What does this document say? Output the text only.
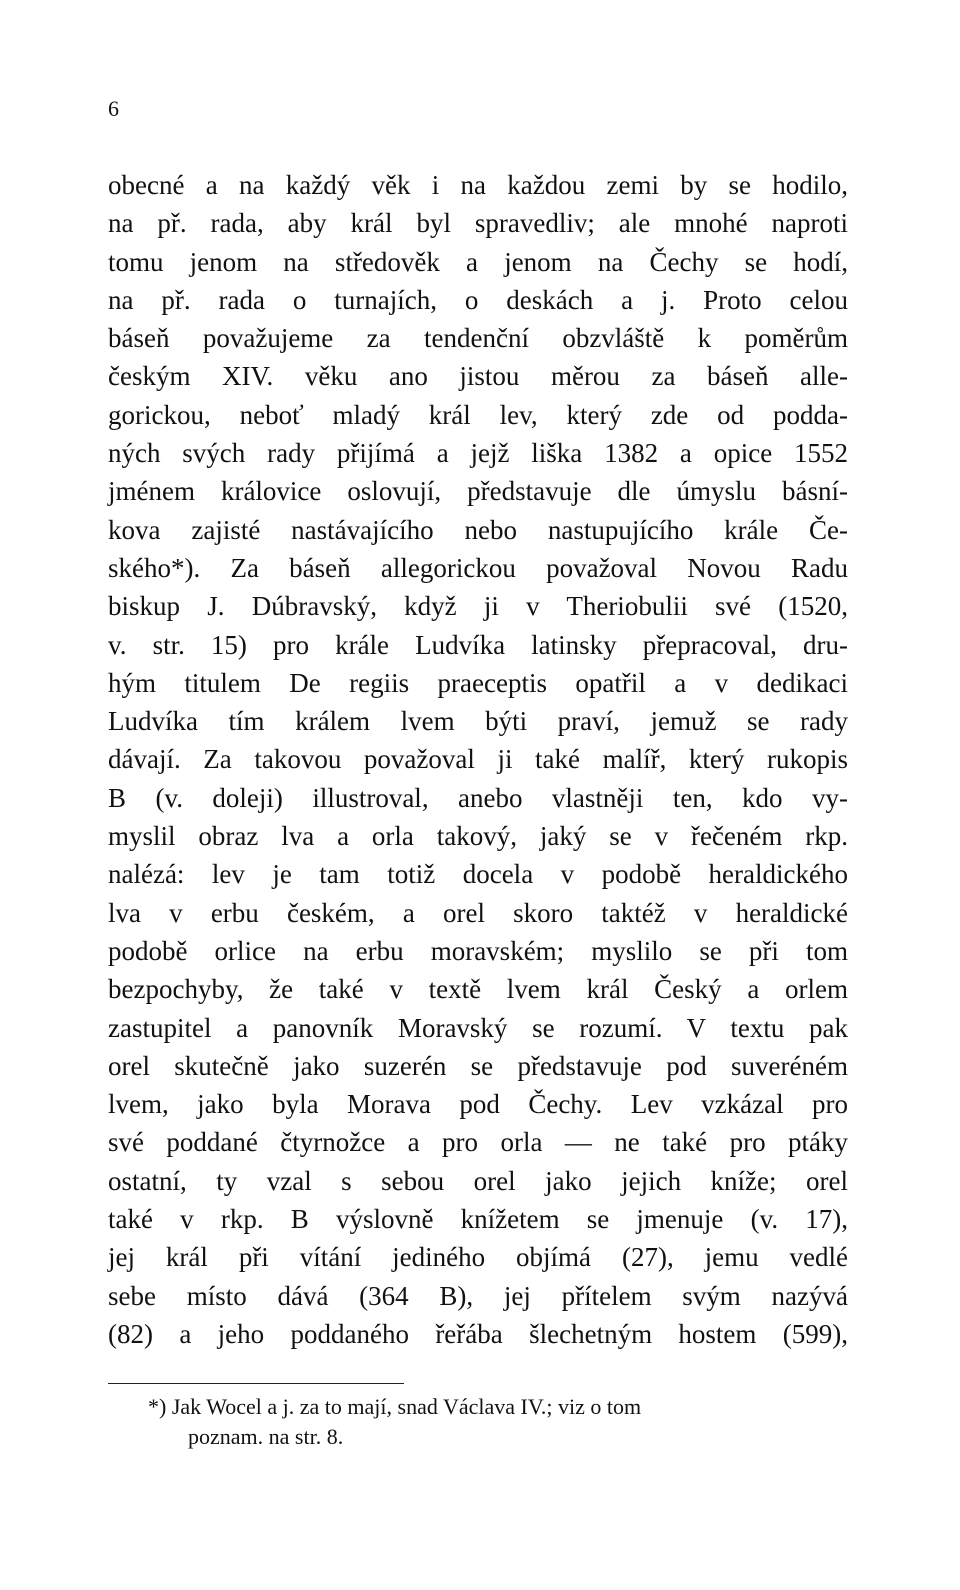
6
obecné a na každý věk i na každou zemi by se hodilo,
na př. rada, aby král byl spravedliv; ale mnohé naproti
tomu jenom na středověk a jenom na Čechy se hodí,
na př. rada o turnajích, o deskách a j. Proto celou
báseň považujeme za tendenční obzvláště k poměrům
českým XIV. věku ano jistou měrou za báseň alle-
gorickou, neboť mladý král lev, který zde od podda-
ných svých rady přijímá a jejž liška 1382 a opice 1552
jménem královice oslovují, představuje dle úmyslu básní-
kova zajisté nastávajícího nebo nastupujícího krále Če-
ského*). Za báseň allegorickou považoval Novou Radu
biskup J. Dúbravský, když ji v Theriobulii své (1520,
v. str. 15) pro krále Ludvíka latinsky přepracoval, dru-
hým titulem De regiis praeceptis opatřil a v dedikaci
Ludvíka tím králem lvem býti praví, jemuž se rady
dávají. Za takovou považoval ji také malíř, který rukopis
B (v. doleji) illustroval, anebo vlastněji ten, kdo vy-
myslil obraz lva a orla takový, jaký se v řečeném rkp.
nalézá: lev je tam totiž docela v podobě heraldického
lva v erbu českém, a orel skoro taktéž v heraldické
podobě orlice na erbu moravském; myslilo se při tom
bezpochyby, že také v textě lvem král Český a orlem
zastupitel a panovník Moravský se rozumí. V textu pak
orel skutečně jako suzerén se představuje pod suveréném
lvem, jako byla Morava pod Čechy. Lev vzkázal pro
své poddané čtyrnožce a pro orla — ne také pro ptáky
ostatní, ty vzal s sebou orel jako jejich kníže; orel
také v rkp. B výslovně knížetem se jmenuje (v. 17),
jej král při vítání jediného objímá (27), jemu vedlé
sebe místo dává (364 B), jej přítelem svým nazývá
(82) a jeho poddaného řeřába šlechetným hostem (599),
*) Jak Wocel a j. za to mají, snad Václava IV.; viz o tom
poznam. na str. 8.
